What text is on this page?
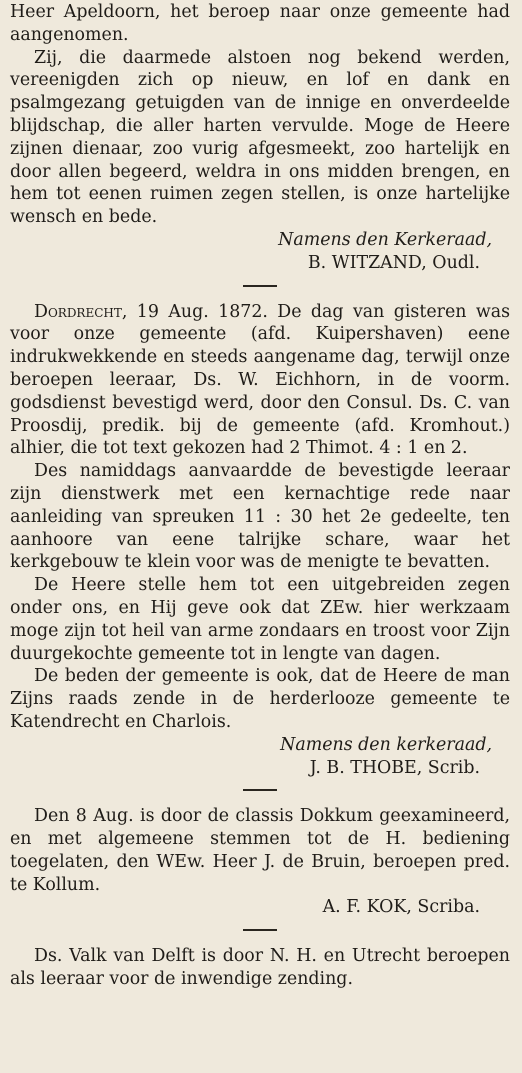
Heer Apeldoorn, het beroep naar onze gemeente had aangenomen.

Zij, die daarmede alstoen nog bekend werden, vereenigden zich op nieuw, en lof en dank en psalmgezang getuigden van de innige en onverdeelde blijdschap, die aller harten vervulde. Moge de Heere zijnen dienaar, zoo vurig afgesmeekt, zoo hartelijk en door allen begeerd, weldra in ons midden brengen, en hem tot eenen ruimen zegen stellen, is onze hartelijke wensch en bede.

Namens den Kerkeraad,

B. WITZAND, Oudl.

Dordrecht, 19 Aug. 1872. De dag van gisteren was voor onze gemeente (afd. Kuipershaven) eene indrukwekkende en steeds aangename dag, terwijl onze beroepen leeraar, Ds. W. Eichhorn, in de voorm. godsdienst bevestigd werd, door den Consul. Ds. C. van Proosdij, predik. bij de gemeente (afd. Kromhout.) alhier, die tot text gekozen had 2 Thimot. 4 : 1 en 2.

Des namiddags aanvaardde de bevestigde leeraar zijn dienstwerk met een kernachtige rede naar aanleiding van spreuken 11 : 30 het 2e gedeelte, ten aanhoore van eene talrijke schare, waar het kerkgebouw te klein voor was de menigte te bevatten.

De Heere stelle hem tot een uitgebreiden zegen onder ons, en Hij geve ook dat ZEw. hier werkzaam moge zijn tot heil van arme zondaars en troost voor Zijn duurgekochte gemeente tot in lengte van dagen.

De beden der gemeente is ook, dat de Heere de man Zijns raads zende in de herderlooze gemeente te Katendrecht en Charlois.

Namens den kerkeraad,

J. B. THOBE, Scrib.

Den 8 Aug. is door de classis Dokkum geexamineerd, en met algemeene stemmen tot de H. bediening toegelaten, den WEw. Heer J. de Bruin, beroepen pred. te Kollum.

A. F. KOK, Scriba.

Ds. Valk van Delft is door N. H. en Utrecht beroepen als leeraar voor de inwendige zending.
